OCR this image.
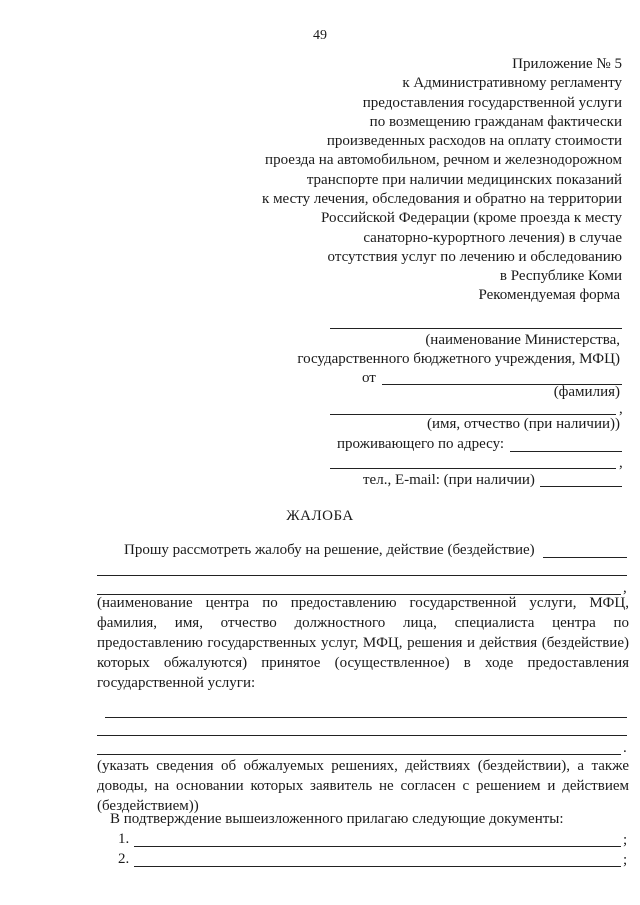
49
Приложение № 5
к Административному регламенту
предоставления государственной услуги
по возмещению гражданам фактически
произведенных расходов на оплату стоимости
проезда на автомобильном, речном и железнодорожном
транспорте при наличии медицинских показаний
к месту лечения, обследования и обратно на территории
Российской Федерации (кроме проезда к месту
санаторно-курортного лечения) в случае
отсутствия услуг по лечению и обследованию
в Республике Коми
Рекомендуемая форма
(наименование Министерства,
государственного бюджетного учреждения, МФЦ)
от
(фамилия)
,
(имя, отчество (при наличии))
проживающего по адресу:
,
тел., E-mail: (при наличии)
ЖАЛОБА
Прошу рассмотреть жалобу на решение, действие (бездействие)
,
(наименование центра по предоставлению государственной услуги, МФЦ, фамилия, имя, отчество должностного лица, специалиста центра по предоставлению государственных услуг, МФЦ, решения и действия (бездействие) которых обжалуются) принятое (осуществленное) в ходе предоставления государственной услуги:
.
(указать сведения об обжалуемых решениях, действиях (бездействии), а также доводы, на основании которых заявитель не согласен с решением и действием (бездействием))
В подтверждение вышеизложенного прилагаю следующие документы:
1.	;
2.	;
